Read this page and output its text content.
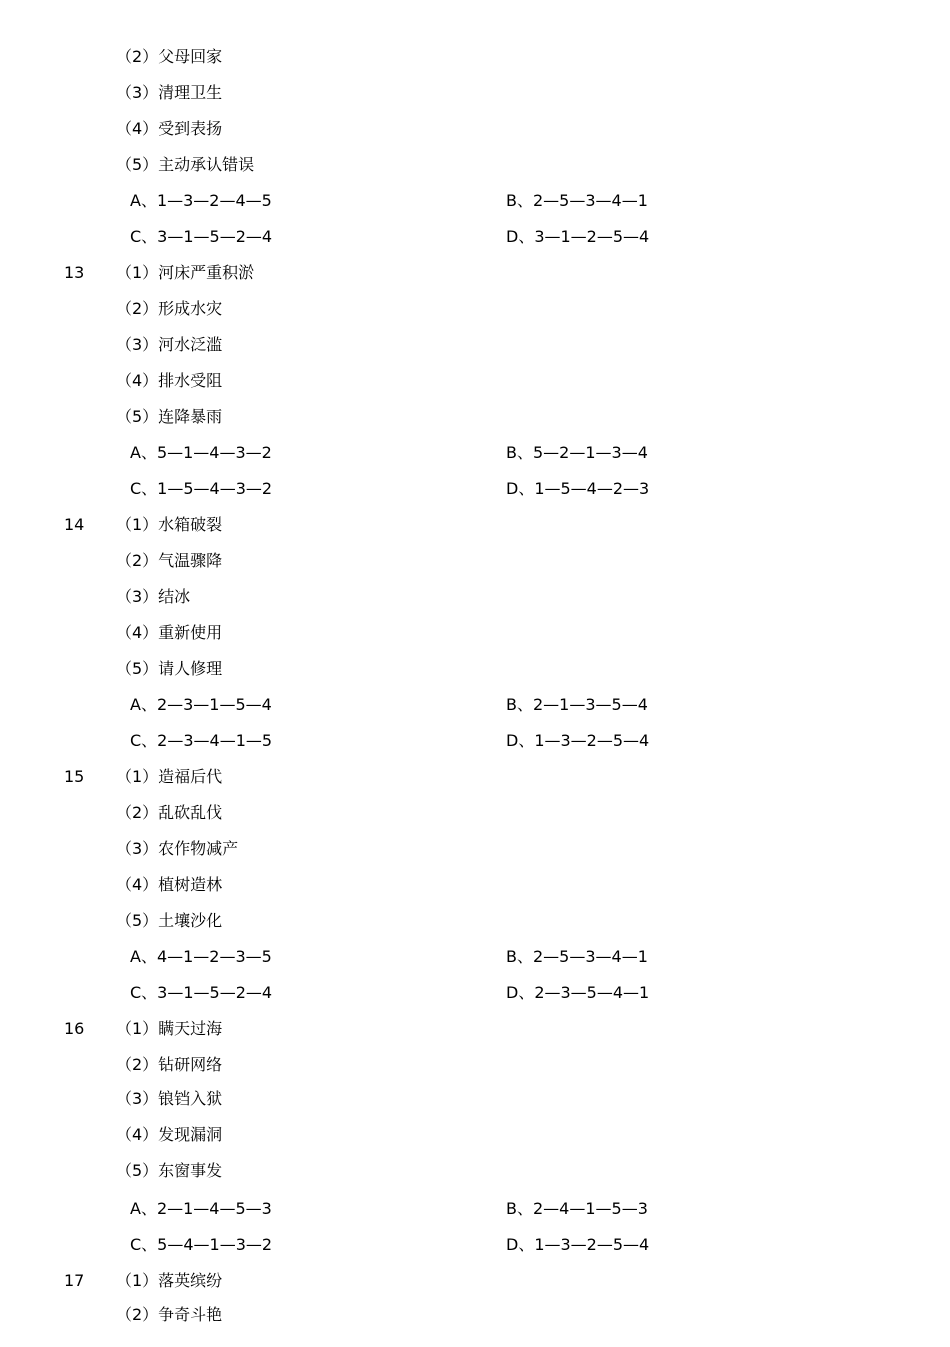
（2）父母回家
（3）清理卫生
（4）受到表扬
（5）主动承认错误
A、1—3—2—4—5	B、2—5—3—4—1
C、3—1—5—2—4	D、3—1—2—5—4
13 （1）河床严重积淤
（2）形成水灾
（3）河水泛滥
（4）排水受阻
（5）连降暴雨
A、5—1—4—3—2	B、5—2—1—3—4
C、1—5—4—3—2	D、1—5—4—2—3
14 （1）水箱破裂
（2）气温骤降
（3）结冰
（4）重新使用
（5）请人修理
A、2—3—1—5—4	B、2—1—3—5—4
C、2—3—4—1—5	D、1—3—2—5—4
15 （1）造福后代
（2）乱砍乱伐
（3）农作物减产
（4）植树造林
（5）土壤沙化
A、4—1—2—3—5	B、2—5—3—4—1
C、3—1—5—2—4	D、2—3—5—4—1
16 （1）瞒天过海
（2）钻研网络
（3）锒铛入狱
（4）发现漏洞
（5）东窗事发
A、2—1—4—5—3	B、2—4—1—5—3
C、5—4—1—3—2	D、1—3—2—5—4
17 （1）落英缤纷
（2）争奇斗艳
